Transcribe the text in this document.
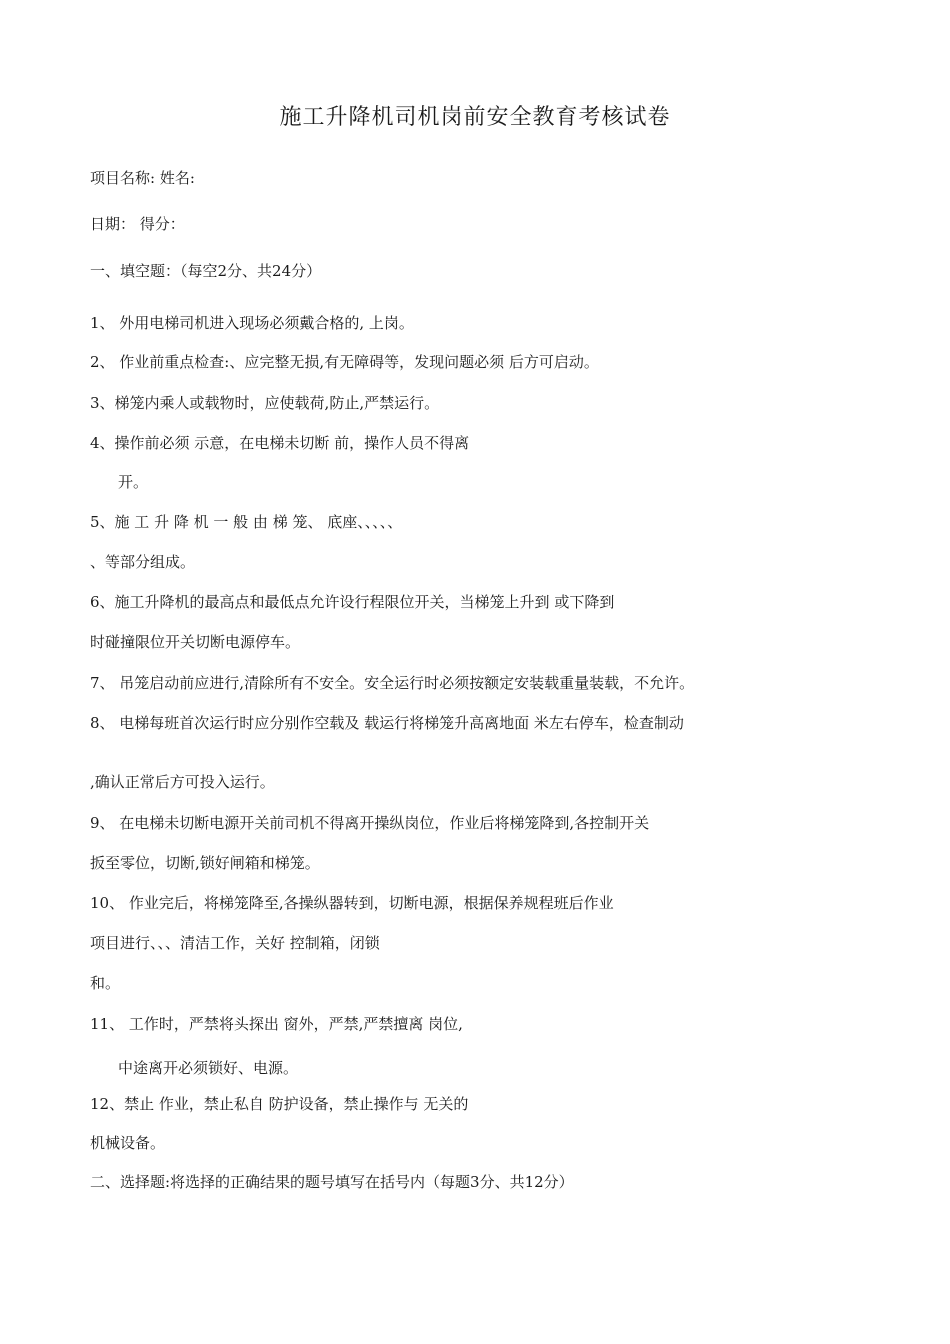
施工升降机司机岗前安全教育考核试卷
项目名称: 姓名:
日期： 得分：
一、填空题：（每空2分、共24分）
1、 外用电梯司机进入现场必须戴合格的, 上岗。
2、 作业前重点检查:、应完整无损,有无障碍等，发现问题必须 后方可启动。
3、梯笼内乘人或载物时，应使载荷,防止,严禁运行。
4、操作前必须 示意，在电梯未切断 前，操作人员不得离
开。
5、施 工 升 降 机 一 般 由 梯 笼、 底座、、、、、
、等部分组成。
6、施工升降机的最高点和最低点允许设行程限位开关，当梯笼上升到 或下降到
时碰撞限位开关切断电源停车。
7、 吊笼启动前应进行,清除所有不安全。安全运行时必须按额定安装载重量装载，不允许。
8、 电梯每班首次运行时应分别作空载及 载运行将梯笼升高离地面 米左右停车，检查制动
,确认正常后方可投入运行。
9、 在电梯未切断电源开关前司机不得离开操纵岗位，作业后将梯笼降到,各控制开关
扳至零位，切断,锁好闸箱和梯笼。
10、 作业完后，将梯笼降至,各操纵器转到，切断电源，根据保养规程班后作业
项目进行、、、清洁工作，关好 控制箱，闭锁
和。
11、 工作时，严禁将头探出 窗外，严禁,严禁擅离 岗位,
中途离开必须锁好、电源。
12、禁止 作业，禁止私自 防护设备，禁止操作与 无关的
机械设备。
二、选择题:将选择的正确结果的题号填写在括号内（每题3分、共12分）
